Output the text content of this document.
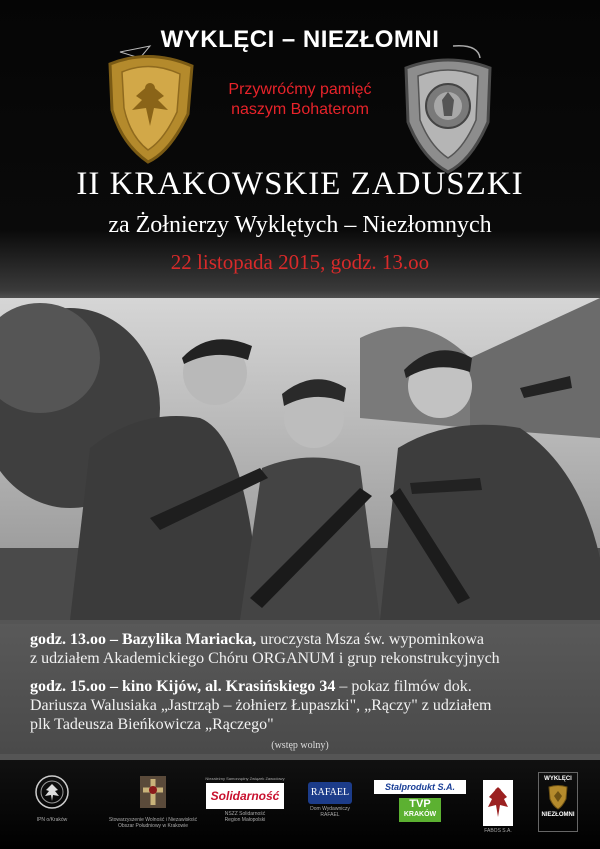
WYKLĘCI – NIEZŁOMNI
Przywróćmy pamięć
naszym Bohaterom
II KRAKOWSKIE ZADUSZKI
za Żołnierzy Wyklętych – Niezłomnych
22 listopada 2015, godz. 13.oo
godz. 13.oo – Bazylika Mariacka, uroczysta Msza św. wypominkowa
z udziałem Akademickiego Chóru ORGANUM i grup rekonstrukcyjnych
godz. 15.oo – kino Kijów, al. Krasińskiego 34 – pokaz filmów dok.
Dariusza Walusiaka „Jastrząb – żołnierz Łupaszki", „Rączy" z udziałem
plk Tadeusza Bieńkowicza „Rączego"
(wstęp wolny)
IPN o/Kraków	Stowarzyszenie Wolność i Niezawisłość
Obszar Południowy w Krakowie
Niezależny Samorządny Związek Zawodowy
Solidarność
NSZZ Solidarność
Region Małopolski
RAFAEL
Dom Wydawniczy
RAFAEL
Stalprodukt S.A.
TVP
KRAKÓW
FABOS S.A.
WYKLĘCI
NIEZŁOMNI
